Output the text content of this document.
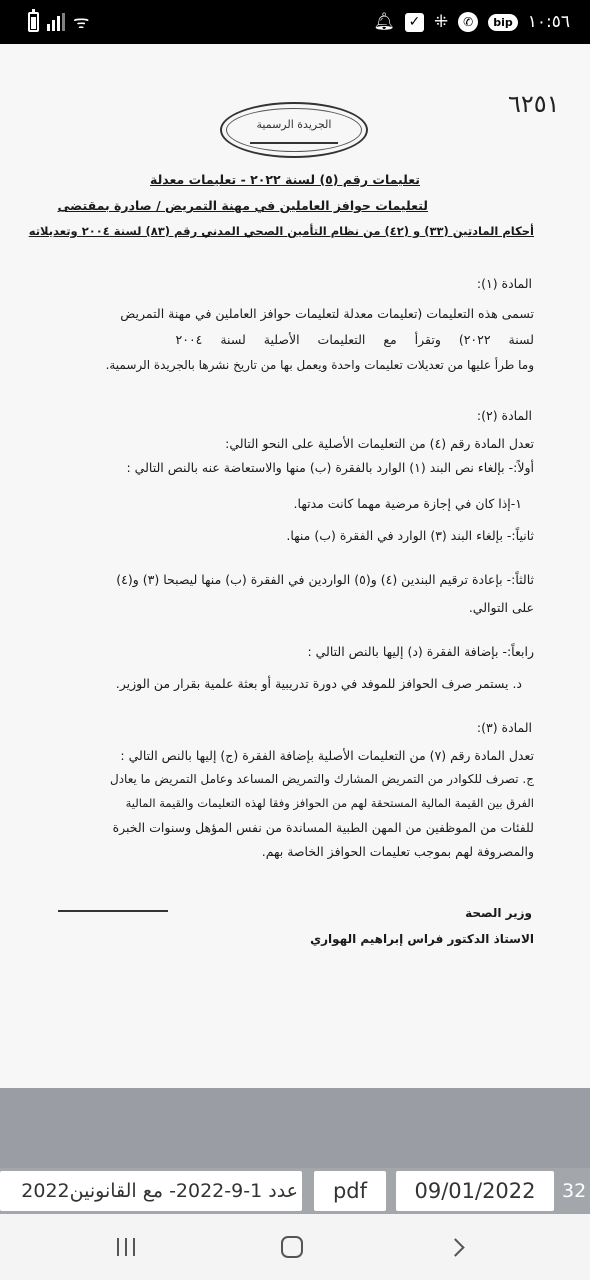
ᯤ	🔔︎ ✓ ⁜	✆	bip ١٠:٥٦
٦٢٥١
الجريدة الرسمية
تعليمات رقم (٥) لسنة ٢٠٢٢ - تعليمات معدلة
لتعليمات حوافز العاملين في مهنة التمريض / صادرة بمقتضى
أحكام المادتين (٣٣) و (٤٢) من نظام التأمين الصحي المدني رقم (٨٣) لسنة ٢٠٠٤ وتعديلاته
المادة (١):
تسمى هذه التعليمات (تعليمات معدلة لتعليمات حوافز العاملين في مهنة التمريض
لسنة ٢٠٢٢) وتقرأ مع التعليمات الأصلية لسنة ٢٠٠٤
وما طرأ عليها من تعديلات تعليمات واحدة ويعمل بها من تاريخ نشرها بالجريدة الرسمية.
المادة (٢):
تعدل المادة رقم (٤) من التعليمات الأصلية على النحو التالي:
أولاً:- بإلغاء نص البند (١) الوارد بالفقرة (ب) منها والاستعاضة عنه بالنص التالي :
١-إذا كان في إجازة مرضية مهما كانت مدتها.
ثانياً:- بإلغاء البند (٣) الوارد في الفقرة (ب) منها.
ثالثاً:- بإعادة ترقيم البندين (٤) و(٥) الواردين في الفقرة (ب) منها ليصبحا (٣) و(٤)
على التوالي.
رابعاً:- بإضافة الفقرة (د) إليها بالنص التالي :
د. يستمر صرف الحوافز للموفد في دورة تدريبية أو بعثة علمية بقرار من الوزير.
المادة (٣):
تعدل المادة رقم (٧) من التعليمات الأصلية بإضافة الفقرة (ج) إليها بالنص التالي :
ج. تصرف للكوادر من التمريض المشارك والتمريض المساعد وعامل التمريض ما يعادل
الفرق بين القيمة المالية المستحقة لهم من الحوافز وفقا لهذه التعليمات والقيمة المالية
للفئات من الموظفين من المهن الطبية المساندة من نفس المؤهل وسنوات الخبرة
والمصروفة لهم بموجب تعليمات الحوافز الخاصة بهم.
وزير الصحة
الاستاذ الدكتور فراس إبراهيم الهواري
عدد 1-9-2022- مع القانونين2022	pdf	09/01/2022	32
